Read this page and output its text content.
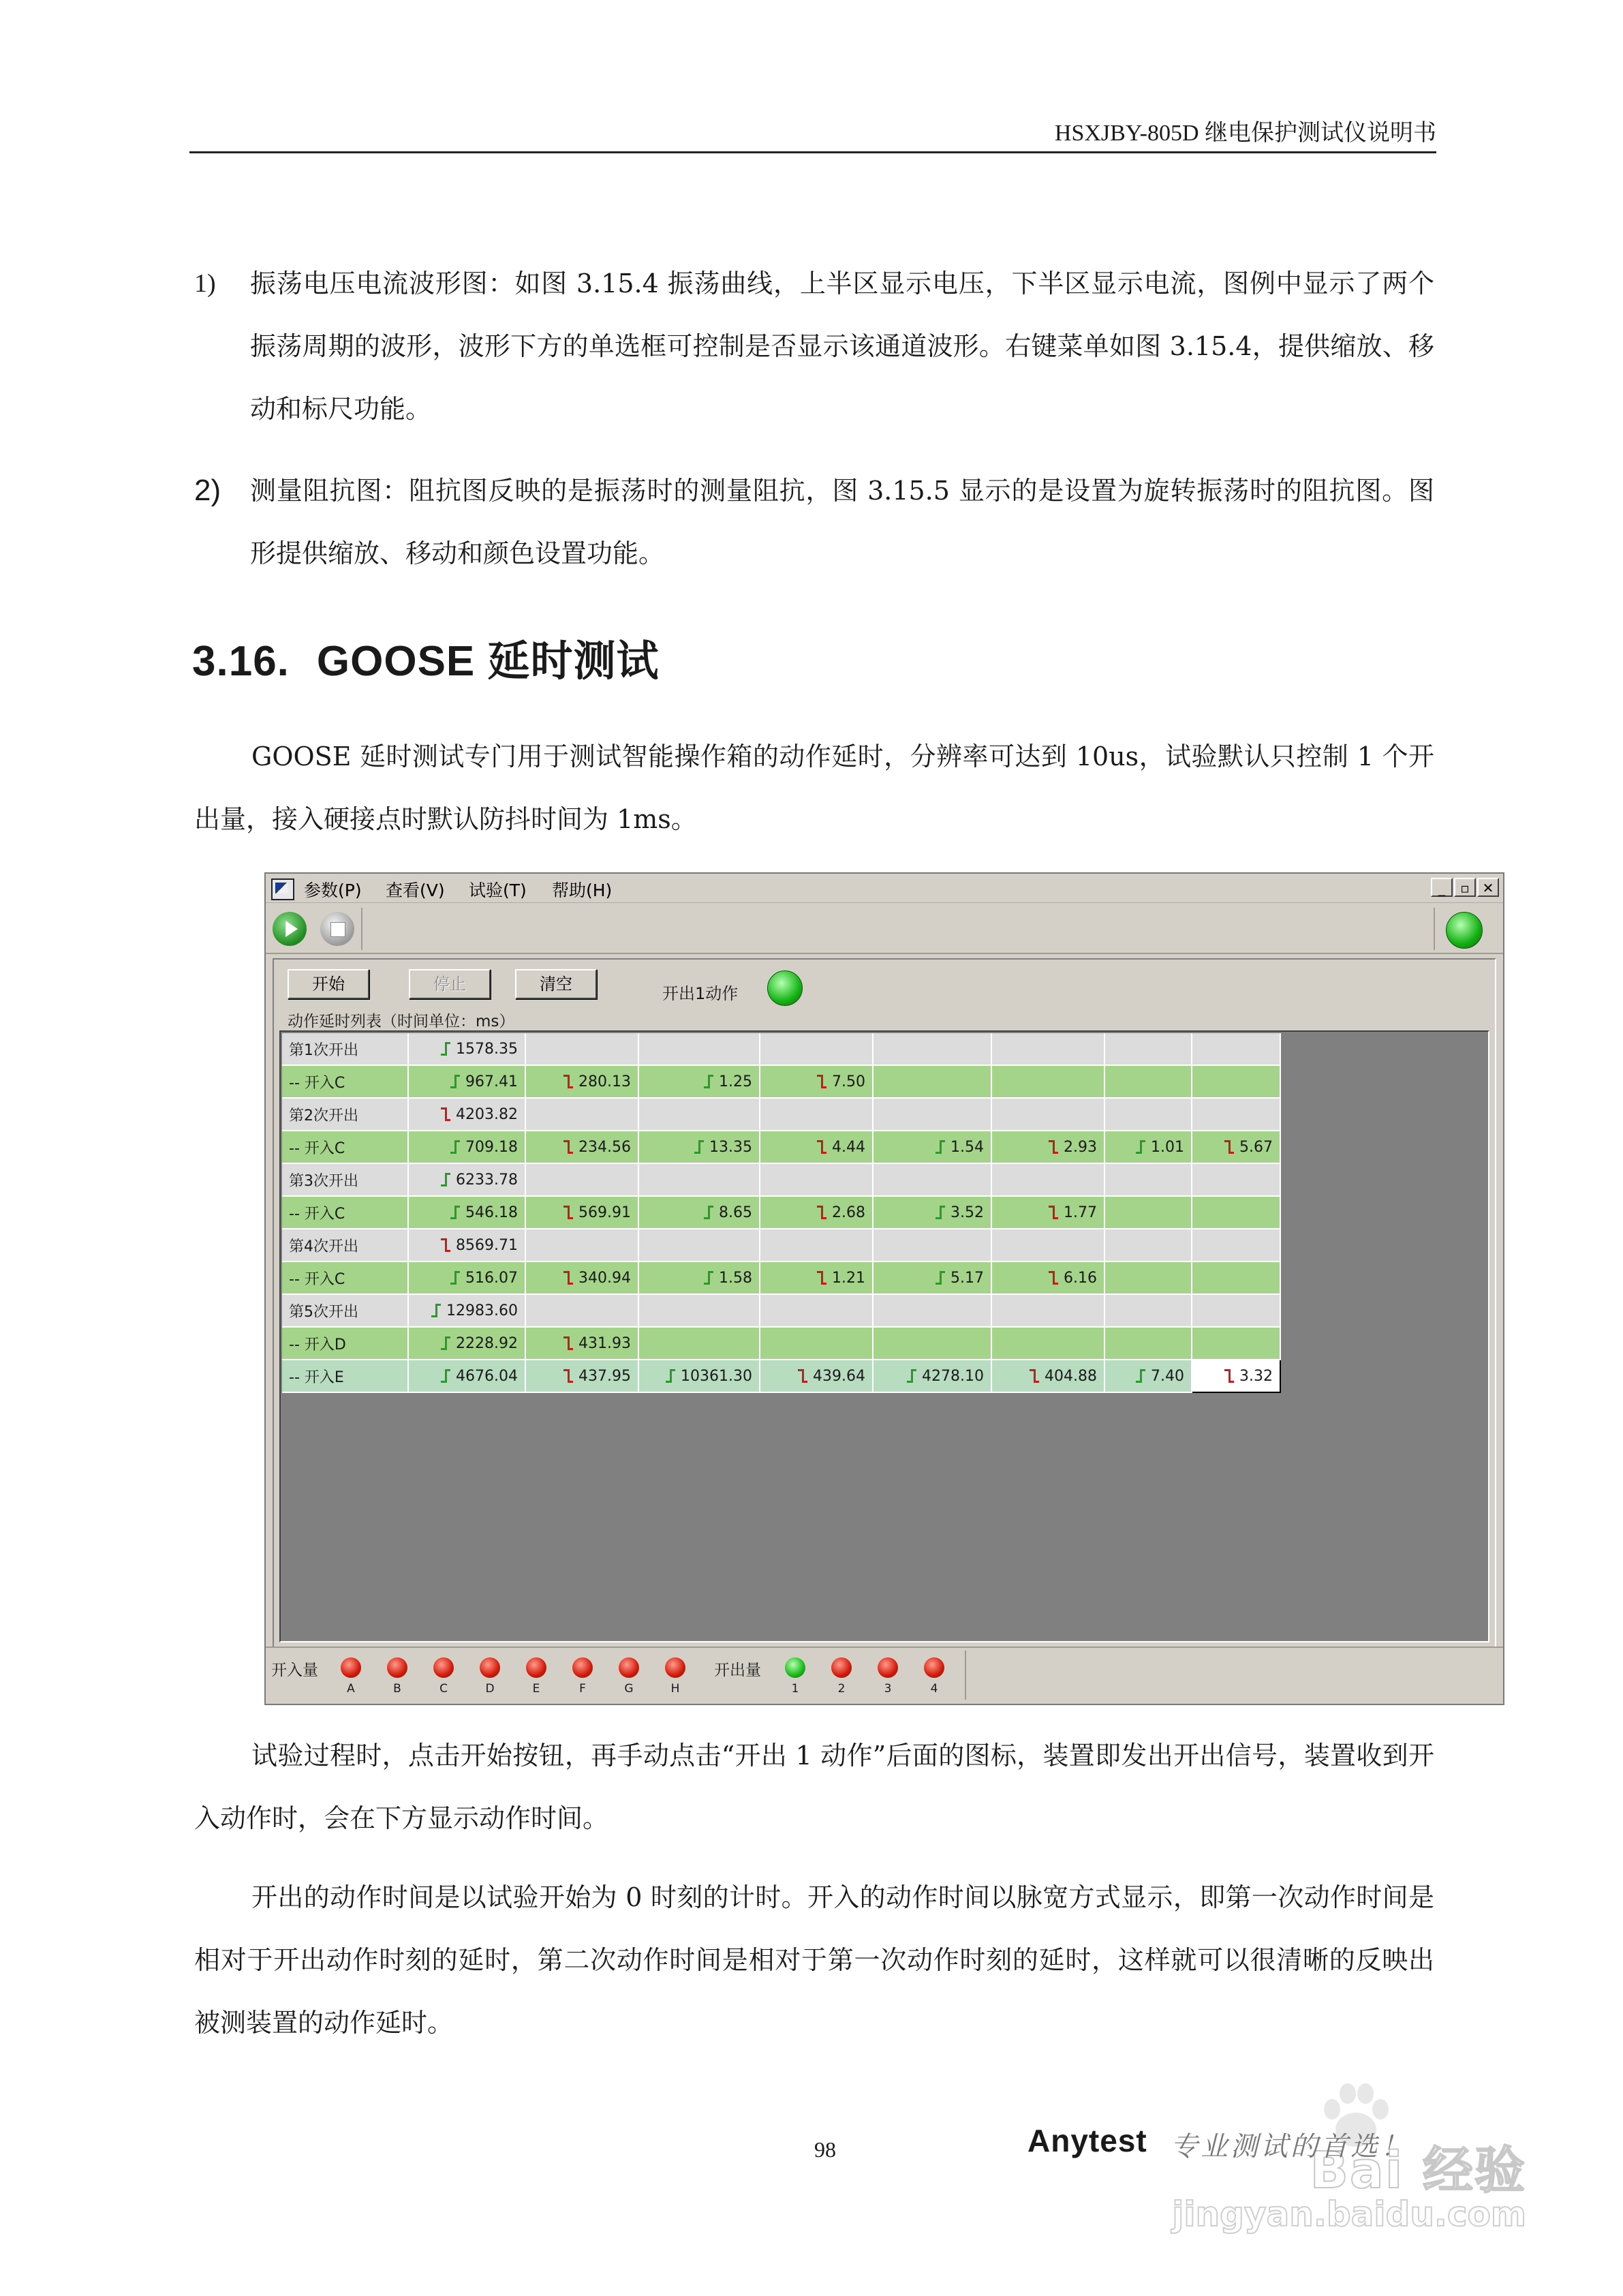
HSXJBY-805D 继电保护测试仪说明书
1) 振荡电压电流波形图：如图 3.15.4 振荡曲线，上半区显示电压，下半区显示电流，图例中显示了两个振荡周期的波形，波形下方的单选框可控制是否显示该通道波形。右键菜单如图 3.15.4，提供缩放、移动和标尺功能。
2) 测量阻抗图：阻抗图反映的是振荡时的测量阻抗，图 3.15.5 显示的是设置为旋转振荡时的阻抗图。图形提供缩放、移动和颜色设置功能。
3.16. GOOSE 延时测试
GOOSE 延时测试专门用于测试智能操作箱的动作延时，分辨率可达到 10us，试验默认只控制 1 个开出量，接入硬接点时默认防抖时间为 1ms。
参数(P) 查看(V) 试验(T) 帮助(H)	_	▫ ✕
开始	停止	清空	开出1动作
动作延时列表（时间单位：ms）
第1次开出	1578.35							
-- 开入C	967.41	280.13	1.25	7.50				
第2次开出	4203.82							
-- 开入C	709.18	234.56	13.35	4.44	1.54	2.93	1.01	5.67
第3次开出	6233.78							
-- 开入C	546.18	569.91	8.65	2.68	3.52	1.77		
第4次开出	8569.71							
-- 开入C	516.07	340.94	1.58	1.21	5.17	6.16		
第5次开出	12983.60							
-- 开入D	2228.92	431.93						
-- 开入E	4676.04	437.95	10361.30	439.64	4278.10	404.88	7.40	3.32
开入量	开出量
A	B	C	D	E	F	G	H	1	2	3	4
试验过程时，点击开始按钮，再手动点击“开出 1 动作”后面的图标，装置即发出开出信号，装置收到开入动作时，会在下方显示动作时间。
开出的动作时间是以试验开始为 0 时刻的计时。开入的动作时间以脉宽方式显示，即第一次动作时间是相对于开出动作时刻的延时，第二次动作时间是相对于第一次动作时刻的延时，这样就可以很清晰的反映出被测装置的动作延时。
98	Bai 经验
jingyan.baidu.com
Anytest 专业测试的首选！
